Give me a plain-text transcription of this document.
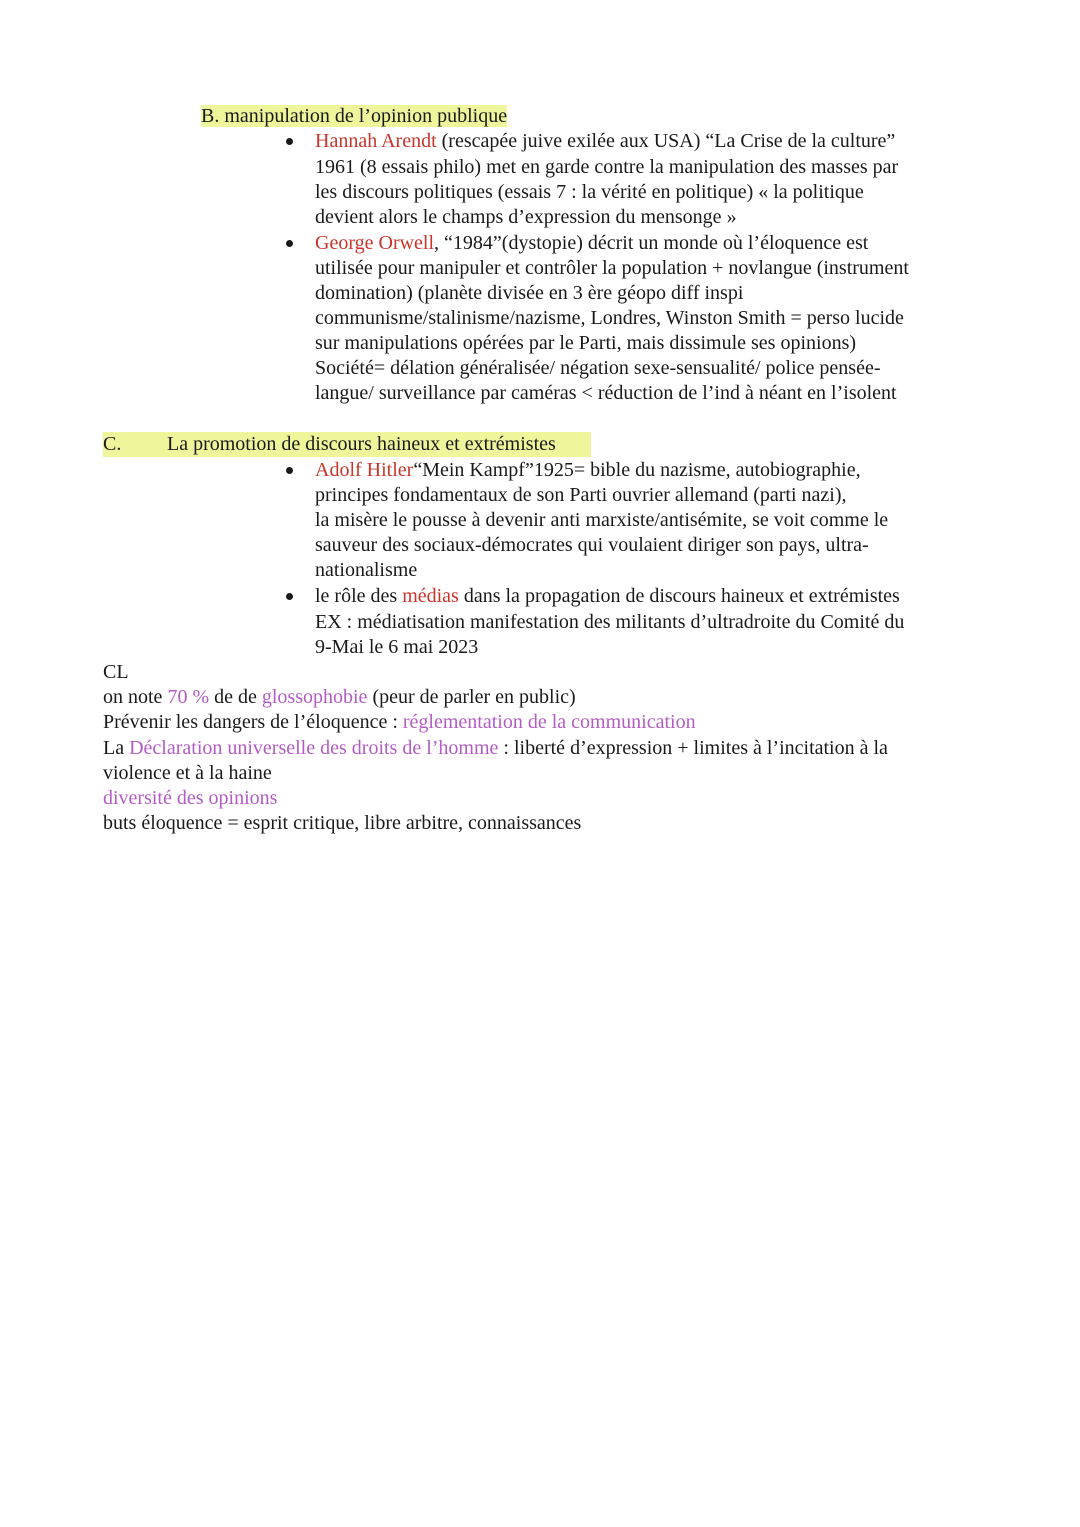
B. manipulation de l’opinion publique
Hannah Arendt (rescapée juive exilée aux USA) “La Crise de la culture”
1961 (8 essais philo) met en garde contre la manipulation des masses par
les discours politiques (essais 7 : la vérité en politique) « la politique
devient alors le champs d’expression du mensonge »
George Orwell, “1984”(dystopie) décrit un monde où l’éloquence est
utilisée pour manipuler et contrôler la population + novlangue (instrument
domination) (planète divisée en 3 ère géopo diff inspi
communisme/stalinisme/nazisme, Londres, Winston Smith = perso lucide
sur manipulations opérées par le Parti, mais dissimule ses opinions)
Société= délation généralisée/ négation sexe-sensualité/ police pensée-
langue/ surveillance par caméras < réduction de l’ind à néant en l’isolent
C. La promotion de discours haineux et extrémistes
Adolf Hitler“Mein Kampf”1925= bible du nazisme, autobiographie,
principes fondamentaux de son Parti ouvrier allemand (parti nazi),
la misère le pousse à devenir anti marxiste/antisémite, se voit comme le
sauveur des sociaux-démocrates qui voulaient diriger son pays, ultra-
nationalisme
le rôle des médias dans la propagation de discours haineux et extrémistes
EX : médiatisation manifestation des militants d’ultradroite du Comité du
9-Mai le 6 mai 2023
CL
on note 70 % de de glossophobie (peur de parler en public)
Prévenir les dangers de l’éloquence : réglementation de la communication
La Déclaration universelle des droits de l’homme : liberté d’expression + limites à l’incitation à la
violence et à la haine
diversité des opinions
buts éloquence = esprit critique, libre arbitre, connaissances
